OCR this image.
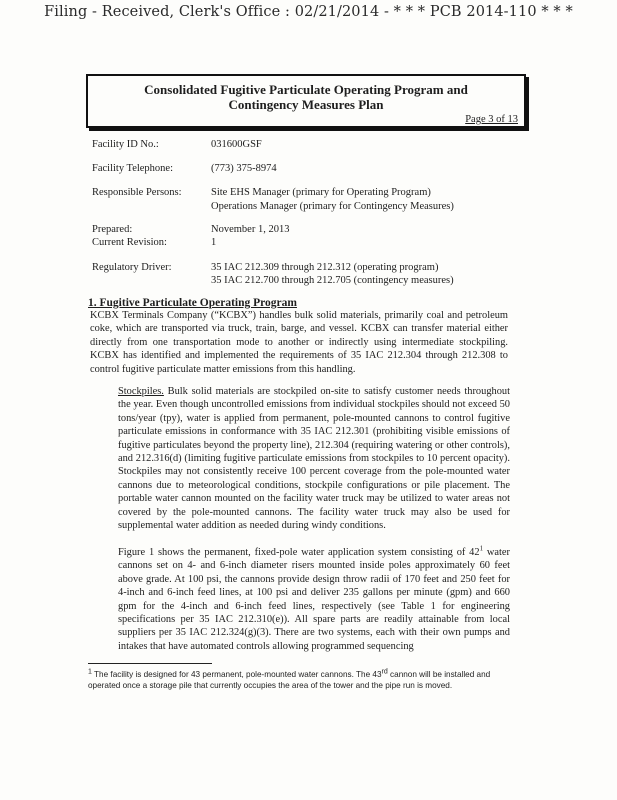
Filing - Received, Clerk's Office : 02/21/2014 - * * * PCB 2014-110 * * *
Consolidated Fugitive Particulate Operating Program and
Contingency Measures Plan
Page 3 of 13
Facility ID No.:	031600GSF
Facility Telephone:	(773) 375-8974
Responsible Persons:	Site EHS Manager (primary for Operating Program)
Operations Manager (primary for Contingency Measures)
Prepared:	November 1, 2013
Current Revision:	1
Regulatory Driver:	35 IAC 212.309 through 212.312 (operating program)
35 IAC 212.700 through 212.705 (contingency measures)
1. Fugitive Particulate Operating Program

KCBX Terminals Company (“KCBX”) handles bulk solid materials, primarily coal and petroleum coke, which are transported via truck, train, barge, and vessel. KCBX can transfer material either directly from one transportation mode to another or indirectly using intermediate stockpiling. KCBX has identified and implemented the requirements of 35 IAC 212.304 through 212.308 to control fugitive particulate matter emissions from this handling.

Stockpiles. Bulk solid materials are stockpiled on-site to satisfy customer needs throughout the year. Even though uncontrolled emissions from individual stockpiles should not exceed 50 tons/year (tpy), water is applied from permanent, pole-mounted cannons to control fugitive particulate emissions in conformance with 35 IAC 212.301 (prohibiting visible emissions of fugitive particulates beyond the property line), 212.304 (requiring watering or other controls), and 212.316(d) (limiting fugitive particulate emissions from stockpiles to 10 percent opacity). Stockpiles may not consistently receive 100 percent coverage from the pole-mounted water cannons due to meteorological conditions, stockpile configurations or pile placement. The portable water cannon mounted on the facility water truck may be utilized to water areas not covered by the pole-mounted cannons. The facility water truck may also be used for supplemental water addition as needed during windy conditions.

Figure 1 shows the permanent, fixed-pole water application system consisting of $42^1$ water cannons set on 4- and 6-inch diameter risers mounted inside poles approximately 60 feet above grade. At 100 psi, the cannons provide design throw radii of 170 feet and 250 feet for 4-inch and 6-inch feed lines, at 100 psi and deliver 235 gallons per minute (gpm) and 660 gpm for the 4-inch and 6-inch feed lines, respectively (see Table 1 for engineering specifications per 35 IAC 212.310(e)). All spare parts are readily attainable from local suppliers per 35 IAC 212.324(g)(3). There are two systems, each with their own pumps and intakes that have automated controls allowing programmed sequencing

$^1$ The facility is designed for 43 permanent, pole-mounted water cannons. The 43rd cannon will be installed and operated once a storage pile that currently occupies the area of the tower and the pipe run is moved.
